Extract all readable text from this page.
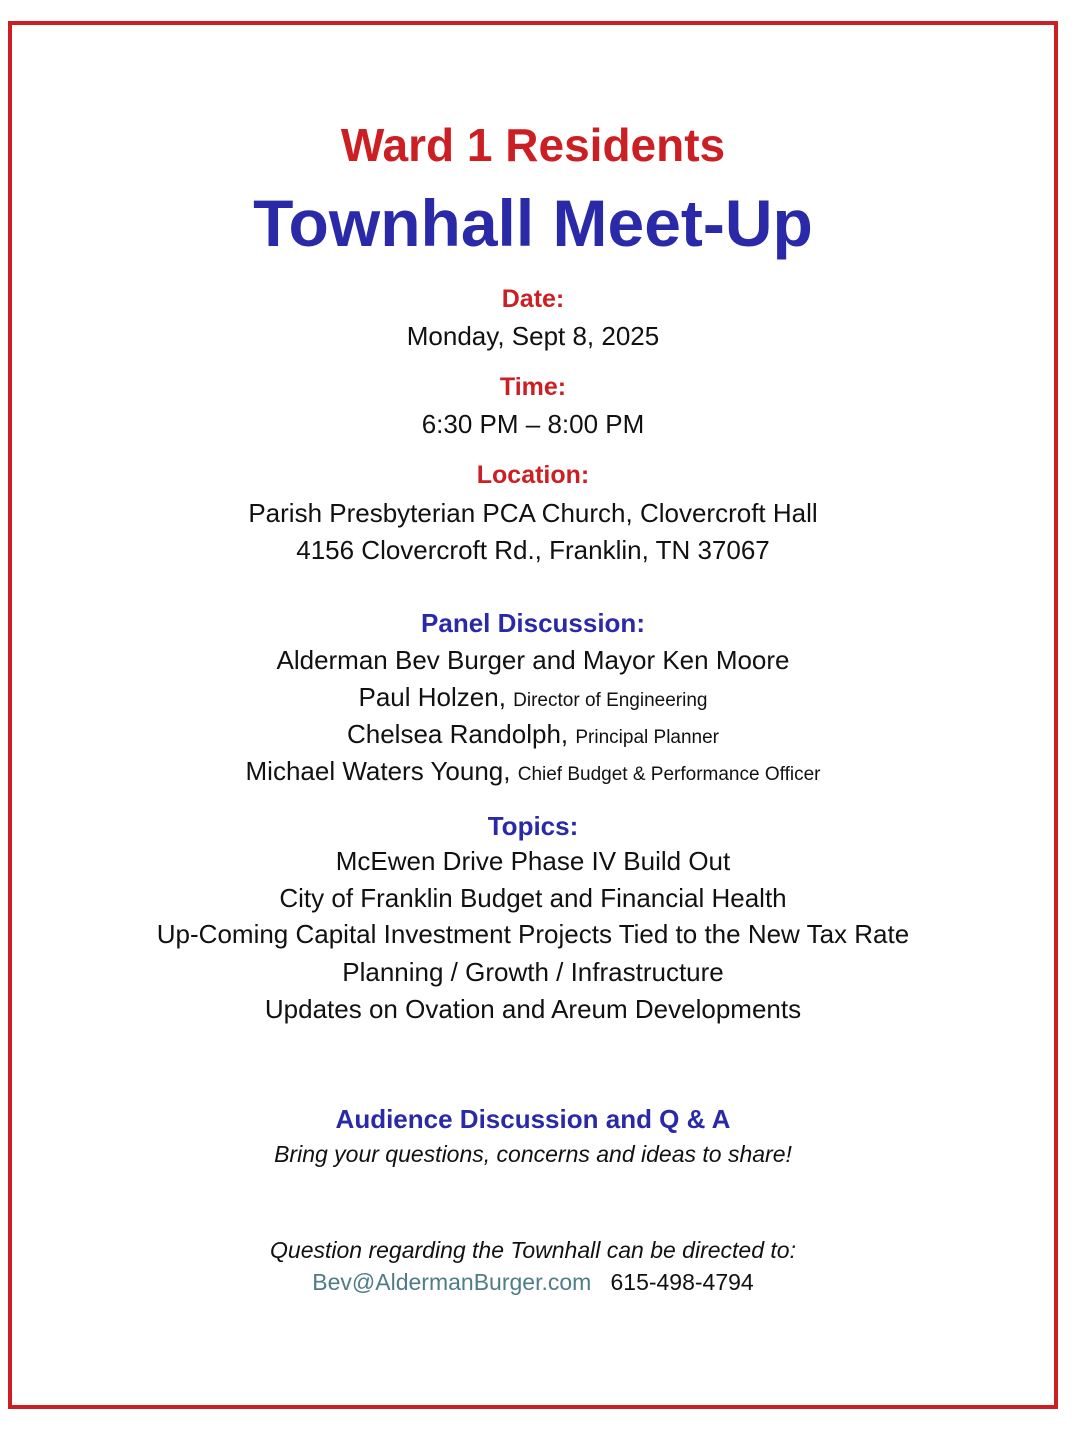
Ward 1 Residents
Townhall Meet-Up
Date:
Monday, Sept 8, 2025
Time:
6:30 PM – 8:00 PM
Location:
Parish Presbyterian PCA Church, Clovercroft Hall
4156 Clovercroft Rd., Franklin, TN 37067
Panel Discussion:
Alderman Bev Burger and Mayor Ken Moore
Paul Holzen, Director of Engineering
Chelsea Randolph, Principal Planner
Michael Waters Young, Chief Budget & Performance Officer
Topics:
McEwen Drive Phase IV Build Out
City of Franklin Budget and Financial Health
Up-Coming Capital Investment Projects Tied to the New Tax Rate
Planning / Growth / Infrastructure
Updates on Ovation and Areum Developments
Audience Discussion and Q & A
Bring your questions, concerns and ideas to share!
Question regarding the Townhall can be directed to:
Bev@AldermanBurger.com 615-498-4794
